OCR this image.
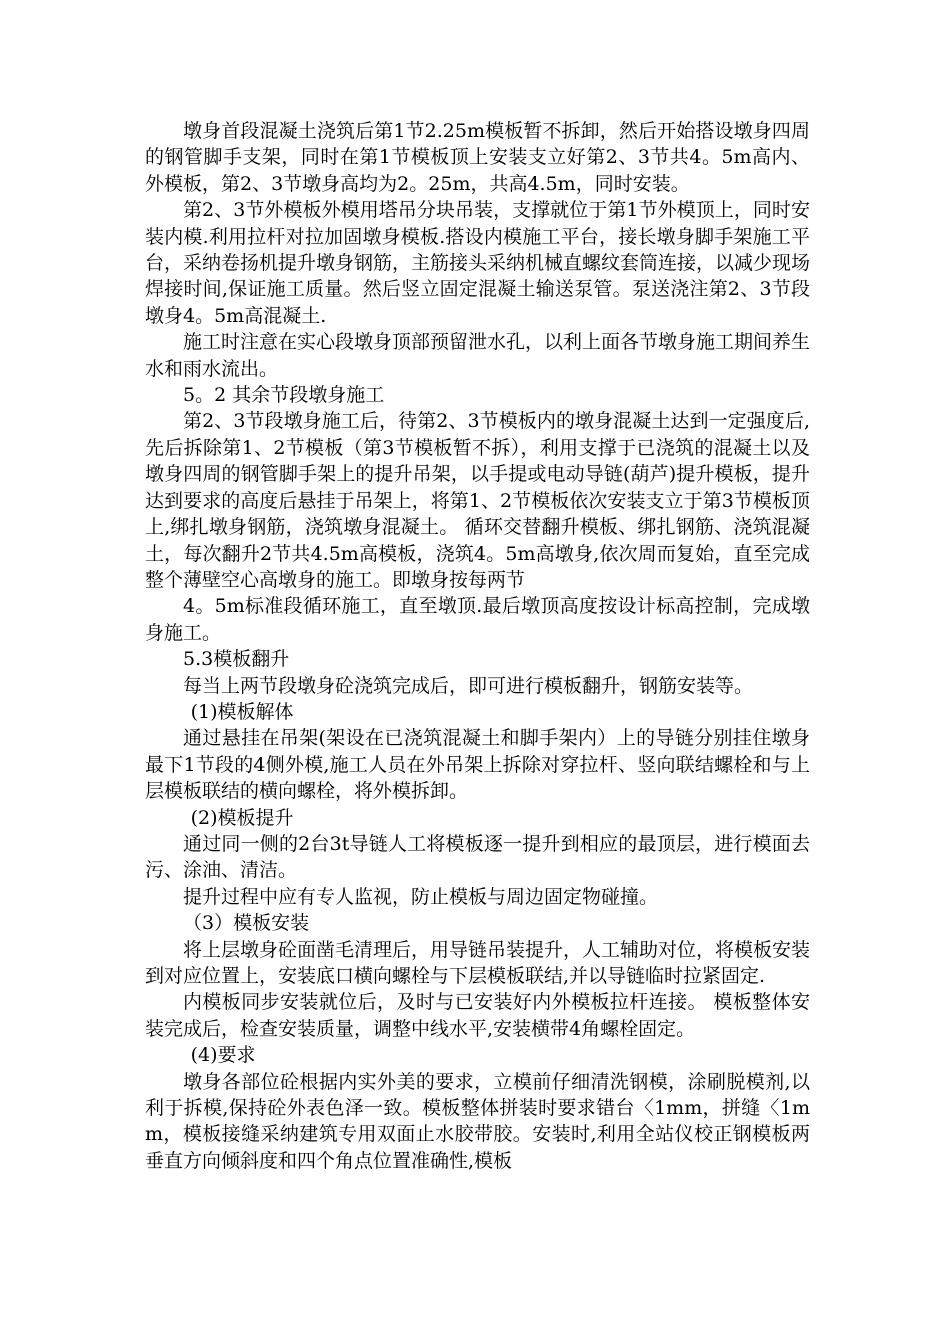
墩身首段混凝土浇筑后第1节2.25m模板暂不拆卸，然后开始搭设墩身四周的钢管脚手支架，同时在第1节模板顶上安装支立好第2、3节共4。5m高内、外模板，第2、3节墩身高均为2。25m，共高4.5m，同时安装。

第2、3节外模板外模用塔吊分块吊装，支撑就位于第1节外模顶上，同时安装内模.利用拉杆对拉加固墩身模板.搭设内模施工平台，接长墩身脚手架施工平台，采纳卷扬机提升墩身钢筋，主筋接头采纳机械直螺纹套筒连接，以减少现场焊接时间,保证施工质量。然后竖立固定混凝土输送泵管。泵送浇注第2、3节段墩身4。5m高混凝土.

施工时注意在实心段墩身顶部预留泄水孔，以利上面各节墩身施工期间养生水和雨水流出。

5。2 其余节段墩身施工

第2、3节段墩身施工后，待第2、3节模板内的墩身混凝土达到一定强度后,先后拆除第1、2节模板（第3节模板暂不拆），利用支撑于已浇筑的混凝土以及墩身四周的钢管脚手架上的提升吊架，以手提或电动导链(葫芦)提升模板，提升达到要求的高度后悬挂于吊架上，将第1、2节模板依次安装支立于第3节模板顶上,绑扎墩身钢筋，浇筑墩身混凝土。 循环交替翻升模板、绑扎钢筋、浇筑混凝土，每次翻升2节共4.5m高模板，浇筑4。5m高墩身,依次周而复始，直至完成整个薄壁空心高墩身的施工。即墩身按每两节

4。5m标准段循环施工，直至墩顶.最后墩顶高度按设计标高控制，完成墩身施工。

5.3模板翻升

每当上两节段墩身砼浇筑完成后，即可进行模板翻升，钢筋安装等。

(1)模板解体

通过悬挂在吊架(架设在已浇筑混凝土和脚手架内）上的导链分别挂住墩身最下1节段的4侧外模,施工人员在外吊架上拆除对穿拉杆、竖向联结螺栓和与上层模板联结的横向螺栓，将外模拆卸。

(2)模板提升

通过同一侧的2台3t导链人工将模板逐一提升到相应的最顶层，进行模面去污、涂油、清洁。

提升过程中应有专人监视，防止模板与周边固定物碰撞。

（3）模板安装

将上层墩身砼面凿毛清理后，用导链吊装提升，人工辅助对位，将模板安装到对应位置上，安装底口横向螺栓与下层模板联结,并以导链临时拉紧固定.

内模板同步安装就位后，及时与已安装好内外模板拉杆连接。 模板整体安装完成后，检查安装质量，调整中线水平,安装横带4角螺栓固定。

(4)要求

墩身各部位砼根据内实外美的要求，立模前仔细清洗钢模，涂刷脱模剂,以利于拆模,保持砼外表色泽一致。模板整体拼装时要求错台〈1mm，拼缝〈1mm，模板接缝采纳建筑专用双面止水胶带胶。安装时,利用全站仪校正钢模板两垂直方向倾斜度和四个角点位置准确性,模板
